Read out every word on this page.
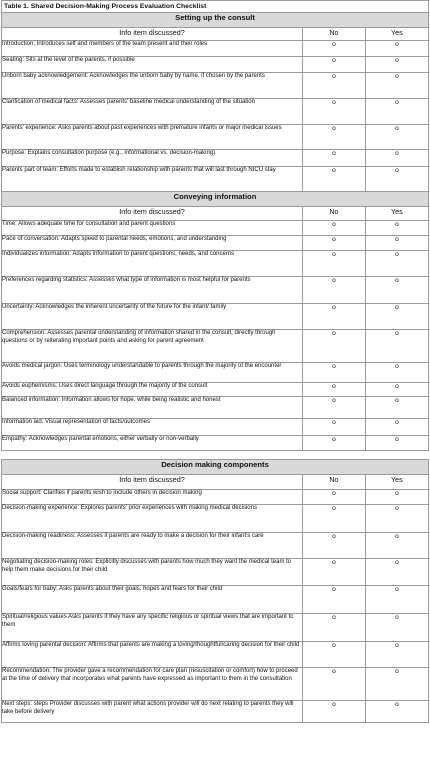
Table 1. Shared Decision-Making Process Evaluation Checklist
Setting up the consult		
Info item discussed?	No	Yes
Introduction: Introduces self and members of the team present and their roles	o	o
Seating: Sits at the level of the parents, if possible	o	o
Unborn baby acknowledgement: Acknowledges the unborn baby by name, if chosen by the parents	o	o
Clarification of medical facts: Assesses parents' baseline medical understanding of the situation	o	o
Parents' experience: Asks parents about past experiences with premature infants or major medical issues	o	o
Purpose: Explains consultation purpose (e.g., informational vs. decision-making)	o	o
Parents part of team: Efforts made to establish relationship with parents that will last through NICU stay	o	o
Conveying information		
Info item discussed?	No	Yes
Time: Allows adequate time for consultation and parent questions	o	o
Pace of conversation: Adapts speed to parental needs, emotions, and understanding	o	o
Individualizes information: Adapts information to parent questions, needs, and concerns	o	o
Preferences regarding statistics: Assesses what type of information is most helpful for parents	o	o
Uncertainty: Acknowledges the inherent uncertainty of the future for the infant/ family	o	o
Comprehension: Assesses parental understanding of information shared in the consult, directly through questions or by reiterating important points and asking for parent agreement	o	o
Avoids medical jargon: Uses terminology understandable to parents through the majority of the encounter	o	o
Avoids euphemisms: Uses direct language through the majority of the consult	o	o
Balanced information: Information allows for hope, while being realistic and honest	o	o
Information aid: Visual representation of facts/outcomes	o	o
Empathy: Acknowledges parental emotions, either verbally or non-verbally	o	o
Decision making components		
Info item discussed?	No	Yes
Social support: Clarifies if parents wish to include others in decision making	o	o
Decision-making experience: Explores parents' prior experiences with making medical decisions	o	o
Decision-making readiness: Assesses if parents are ready to make a decision for their infant's care	o	o
Negotiating decision-making roles: Explicitly discusses with parents how much they want the medical team to help them make decisions for their child	o	o
Goals/fears for baby: Asks parents about their goals, hopes and fears for their child	o	o
Spiritual/religious values Asks parents if they have any specific religious or spiritual views that are important to them	o	o
Affirms loving parental decision: Affirms that parents are making a loving/thoughtful/caring decision for their child	o	o
Recommendation: The provider gave a recommendation for care plan (resuscitation or comfort) how to proceed at the time of delivery that incorporates what parents have expressed as important to them in the consultation	o	o
Next steps: steps Provider discusses with parent what actions provider will do next relating to parents they will take before delivery	o	o
